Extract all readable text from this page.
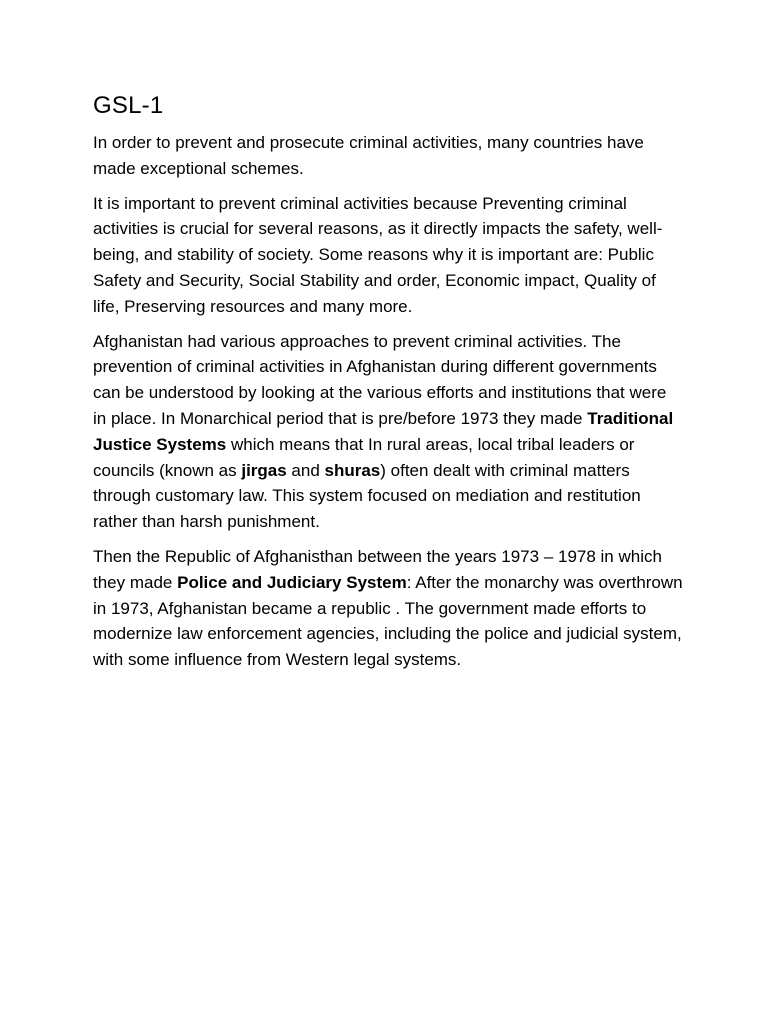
GSL-1

In order to prevent and prosecute criminal activities, many countries have made exceptional schemes.

It is important to prevent criminal activities because Preventing criminal activities is crucial for several reasons, as it directly impacts the safety, well-being, and stability of society. Some reasons why it is important are: Public Safety and Security, Social Stability and order, Economic impact, Quality of life, Preserving resources and many more.

Afghanistan had various approaches to prevent criminal activities. The prevention of criminal activities in Afghanistan during different governments can be understood by looking at the various efforts and institutions that were in place. In Monarchical period that is pre/before 1973 they made Traditional Justice Systems which means that In rural areas, local tribal leaders or councils (known as jirgas and shuras) often dealt with criminal matters through customary law. This system focused on mediation and restitution rather than harsh punishment.

Then the Republic of Afghanisthan between the years 1973 – 1978 in which they made Police and Judiciary System: After the monarchy was overthrown in 1973, Afghanistan became a republic . The government made efforts to modernize law enforcement agencies, including the police and judicial system, with some influence from Western legal systems.
